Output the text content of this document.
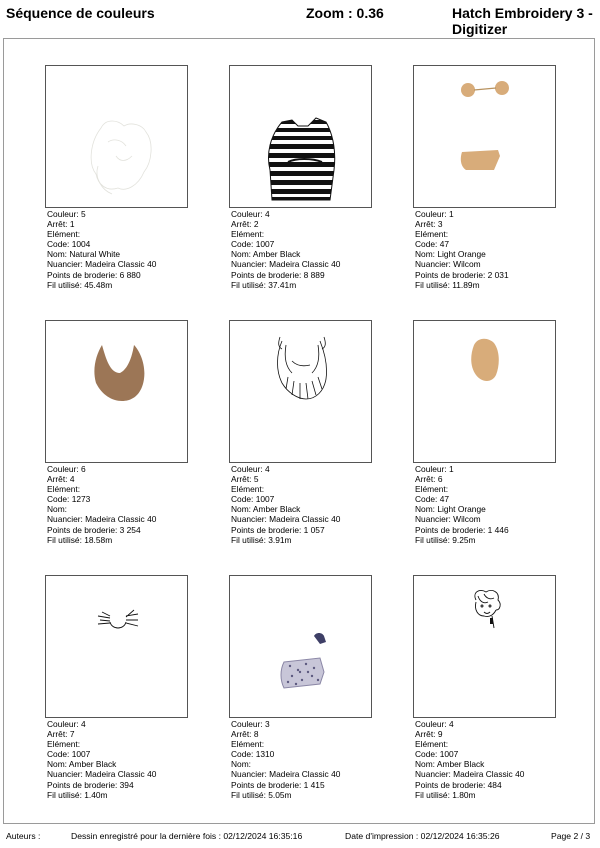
Séquence de couleurs	Zoom : 0.36	Hatch Embroidery 3 - Digitizer
Couleur: 5
Arrêt: 1
Elément:
Code: 1004
Nom: Natural White
Nuancier: Madeira Classic 40
Points de broderie: 6 880
Fil utilisé: 45.48m
Couleur: 4
Arrêt: 2
Elément:
Code: 1007
Nom: Amber Black
Nuancier: Madeira Classic 40
Points de broderie: 8 889
Fil utilisé: 37.41m
Couleur: 1
Arrêt: 3
Elément:
Code: 47
Nom: Light Orange
Nuancier: Wilcom
Points de broderie: 2 031
Fil utilisé: 11.89m
Couleur: 6
Arrêt: 4
Elément:
Code: 1273
Nom:
Nuancier: Madeira Classic 40
Points de broderie: 3 254
Fil utilisé: 18.58m
Couleur: 4
Arrêt: 5
Elément:
Code: 1007
Nom: Amber Black
Nuancier: Madeira Classic 40
Points de broderie: 1 057
Fil utilisé: 3.91m
Couleur: 1
Arrêt: 6
Elément:
Code: 47
Nom: Light Orange
Nuancier: Wilcom
Points de broderie: 1 446
Fil utilisé: 9.25m
Couleur: 4
Arrêt: 7
Elément:
Code: 1007
Nom: Amber Black
Nuancier: Madeira Classic 40
Points de broderie: 394
Fil utilisé: 1.40m
Couleur: 3
Arrêt: 8
Elément:
Code: 1310
Nom:
Nuancier: Madeira Classic 40
Points de broderie: 1 415
Fil utilisé: 5.05m
Couleur: 4
Arrêt: 9
Elément:
Code: 1007
Nom: Amber Black
Nuancier: Madeira Classic 40
Points de broderie: 484
Fil utilisé: 1.80m
Auteurs :	Dessin enregistré pour la dernière fois : 02/12/2024 16:35:16	Date d'impression : 02/12/2024 16:35:26	Page 2 / 3
